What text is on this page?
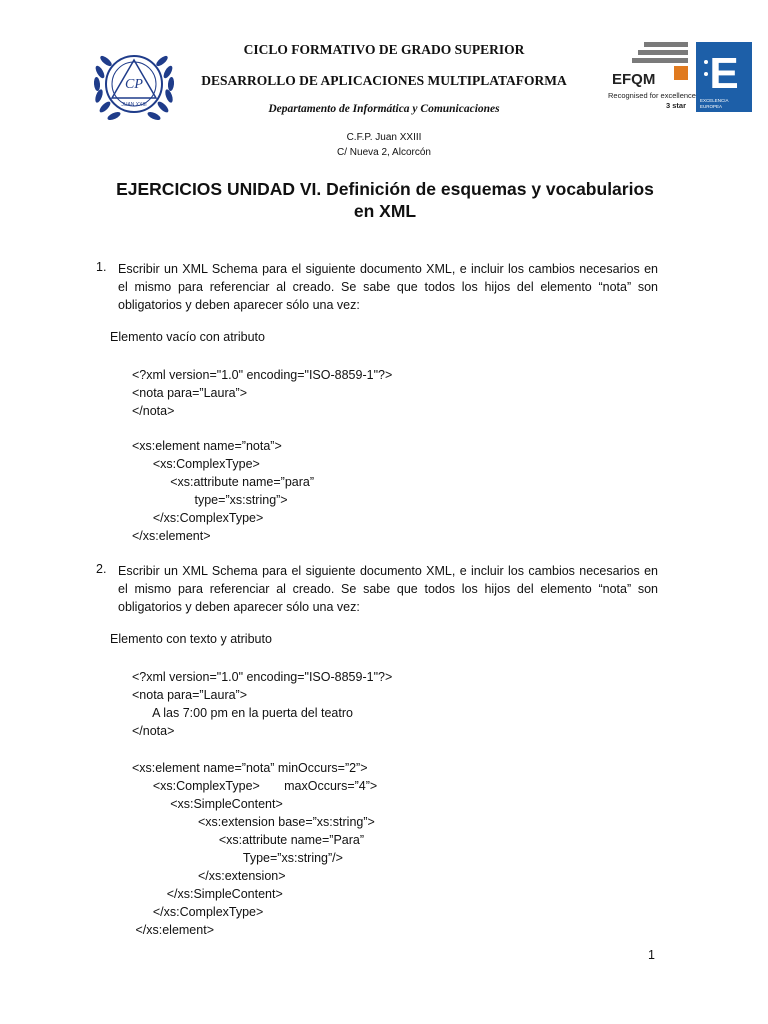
CP
JUAN XXIII
CICLO FORMATIVO DE GRADO SUPERIOR
DESARROLLO DE APLICACIONES MULTIPLATAFORMA
Departamento de Informática y Comunicaciones
C.F.P. Juan XXIII
C/ Nueva 2, Alcorcón
EFQM
Recognised for excellence
3 star
E
EXCELENCIA
EUROPEA
EJERCICIOS UNIDAD VI. Definición de esquemas y vocabularios
en XML
1. Escribir un XML Schema para el siguiente documento XML, e incluir los cambios necesarios en el mismo para referenciar al creado. Se sabe que todos los hijos del elemento “nota” son obligatorios y deben aparecer sólo una vez:
Elemento vacío con atributo
<?xml version="1.0" encoding="ISO-8859-1"?>
<nota para=”Laura”>
</nota>
<xs:element name=”nota”>
<xs:ComplexType>
<xs:attribute name=”para”
type=”xs:string”>
</xs:ComplexType>
</xs:element>
2. Escribir un XML Schema para el siguiente documento XML, e incluir los cambios necesarios en el mismo para referenciar al creado. Se sabe que todos los hijos del elemento “nota” son obligatorios y deben aparecer sólo una vez:
Elemento con texto y atributo
<?xml version="1.0" encoding="ISO-8859-1"?>
<nota para=”Laura”>
A las 7:00 pm en la puerta del teatro
</nota>
<xs:element name=”nota” minOccurs=”2”>
<xs:ComplexType>       maxOccurs=”4”>
<xs:SimpleContent>
<xs:extension base=”xs:string”>
<xs:attribute name=”Para”
Type=”xs:string”/>
</xs:extension>
</xs:SimpleContent>
</xs:ComplexType>
</xs:element>
1
